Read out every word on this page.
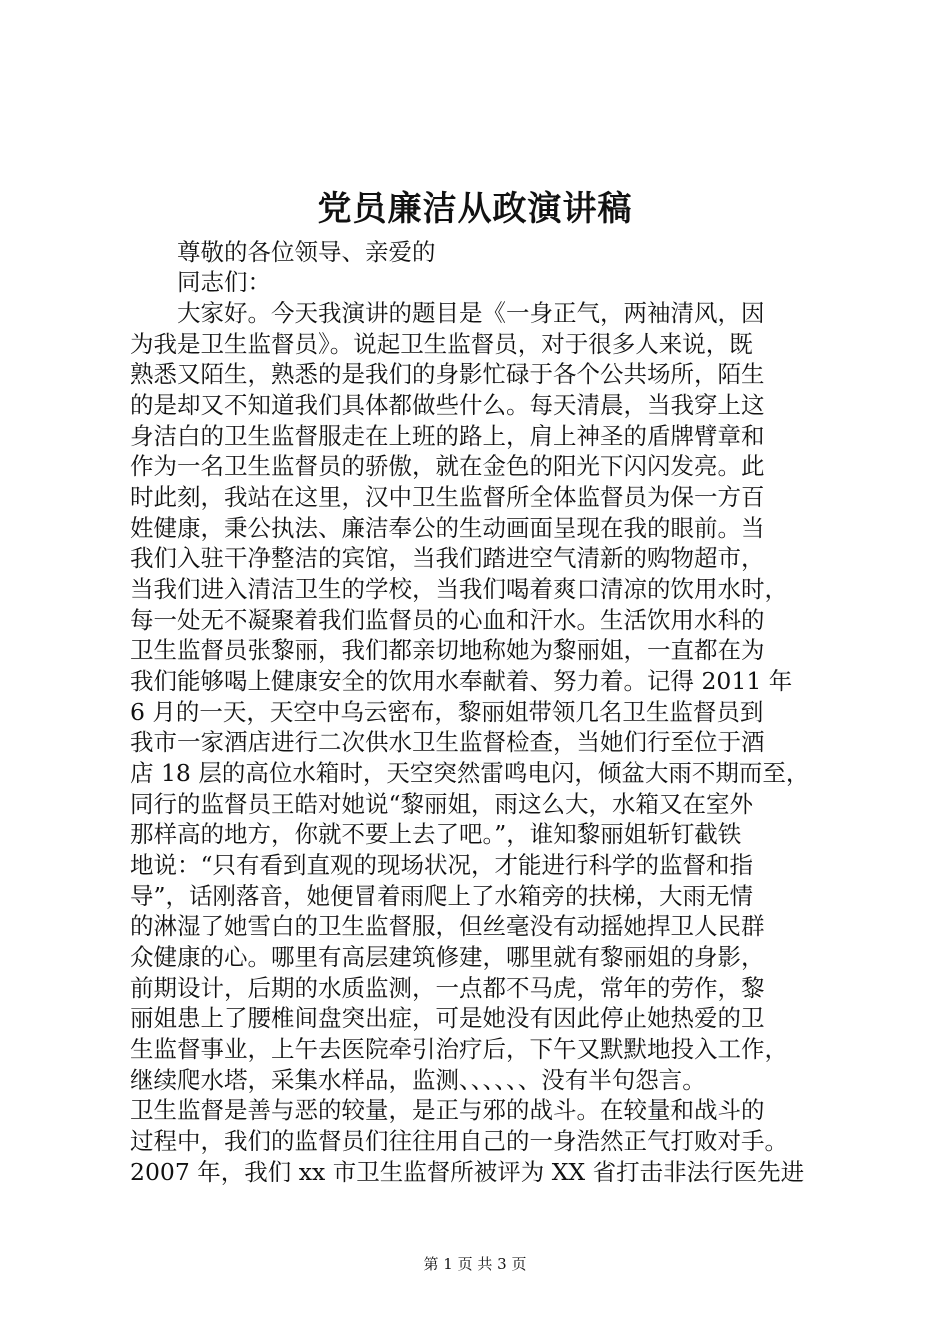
党员廉洁从政演讲稿
　　尊敬的各位领导、亲爱的
　　同志们：
　　大家好。今天我演讲的题目是《一身正气，两袖清风，因
为我是卫生监督员》。说起卫生监督员，对于很多人来说，既
熟悉又陌生，熟悉的是我们的身影忙碌于各个公共场所，陌生
的是却又不知道我们具体都做些什么。每天清晨，当我穿上这
身洁白的卫生监督服走在上班的路上，肩上神圣的盾牌臂章和
作为一名卫生监督员的骄傲，就在金色的阳光下闪闪发亮。此
时此刻，我站在这里，汉中卫生监督所全体监督员为保一方百
姓健康，秉公执法、廉洁奉公的生动画面呈现在我的眼前。当
我们入驻干净整洁的宾馆，当我们踏进空气清新的购物超市，
当我们进入清洁卫生的学校，当我们喝着爽口清凉的饮用水时，
每一处无不凝聚着我们监督员的心血和汗水。生活饮用水科的
卫生监督员张黎丽，我们都亲切地称她为黎丽姐，一直都在为
我们能够喝上健康安全的饮用水奉献着、努力着。记得 2011 年
6 月的一天，天空中乌云密布，黎丽姐带领几名卫生监督员到
我市一家酒店进行二次供水卫生监督检查，当她们行至位于酒
店 18 层的高位水箱时，天空突然雷鸣电闪，倾盆大雨不期而至，
同行的监督员王皓对她说“黎丽姐，雨这么大，水箱又在室外
那样高的地方，你就不要上去了吧。”，谁知黎丽姐斩钉截铁
地说：“只有看到直观的现场状况，才能进行科学的监督和指
导”，话刚落音，她便冒着雨爬上了水箱旁的扶梯，大雨无情
的淋湿了她雪白的卫生监督服，但丝毫没有动摇她捍卫人民群
众健康的心。哪里有高层建筑修建，哪里就有黎丽姐的身影，
前期设计，后期的水质监测，一点都不马虎，常年的劳作，黎
丽姐患上了腰椎间盘突出症，可是她没有因此停止她热爱的卫
生监督事业，上午去医院牵引治疗后，下午又默默地投入工作，
继续爬水塔，采集水样品，监测、、、、、、没有半句怨言。
卫生监督是善与恶的较量，是正与邪的战斗。在较量和战斗的
过程中，我们的监督员们往往用自己的一身浩然正气打败对手。
2007 年，我们 xx 市卫生监督所被评为 XX 省打击非法行医先进
第 1 页 共 3 页
